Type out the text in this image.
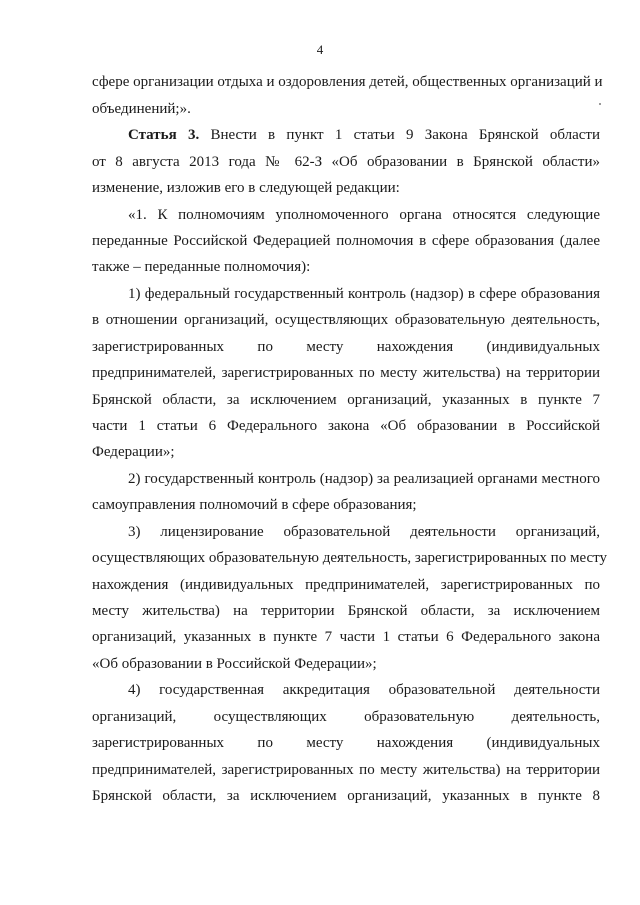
4
сфере организации отдыха и оздоровления детей, общественных организаций и
объединений;».
Статья 3. Внести в пункт 1 статьи 9 Закона Брянской области
от 8 августа 2013 года № 62-З «Об образовании в Брянской области»
изменение, изложив его в следующей редакции:
«1. К полномочиям уполномоченного органа относятся следующие
переданные Российской Федерацией полномочия в сфере образования (далее
также – переданные полномочия):
1) федеральный государственный контроль (надзор) в сфере образования
в отношении организаций, осуществляющих образовательную деятельность,
зарегистрированных по месту нахождения (индивидуальных
предпринимателей, зарегистрированных по месту жительства) на территории
Брянской области, за исключением организаций, указанных в пункте 7
части 1 статьи 6 Федерального закона «Об образовании в Российской
Федерации»;
2) государственный контроль (надзор) за реализацией органами местного
самоуправления полномочий в сфере образования;
3) лицензирование образовательной деятельности организаций,
осуществляющих образовательную деятельность, зарегистрированных по месту
нахождения (индивидуальных предпринимателей, зарегистрированных по
месту жительства) на территории Брянской области, за исключением
организаций, указанных в пункте 7 части 1 статьи 6 Федерального закона
«Об образовании в Российской Федерации»;
4) государственная аккредитация образовательной деятельности
организаций, осуществляющих образовательную деятельность,
зарегистрированных по месту нахождения (индивидуальных
предпринимателей, зарегистрированных по месту жительства) на территории
Брянской области, за исключением организаций, указанных в пункте 8
